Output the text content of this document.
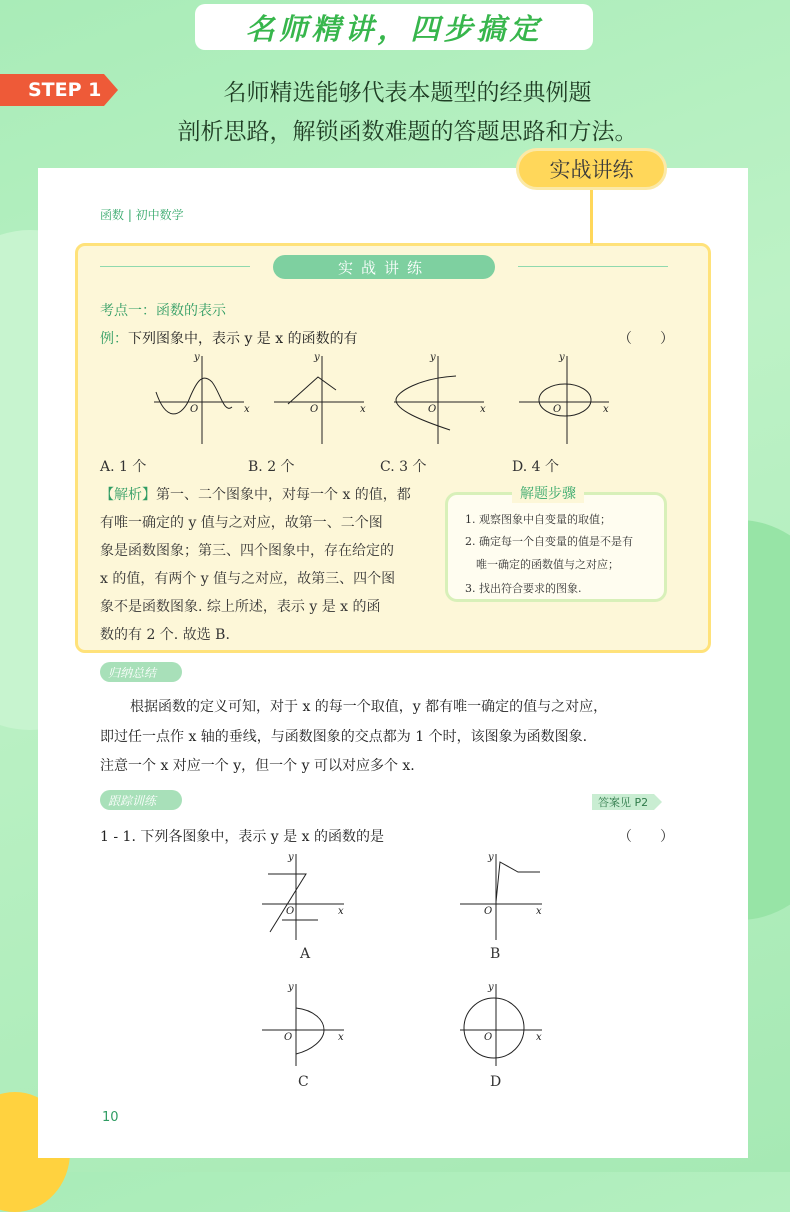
名师精讲，四步搞定
STEP 1	名师精选能够代表本题型的经典例题
剖析思路，解锁函数难题的答题思路和方法。
实战讲练
函数 | 初中数学
实战讲练
考点一：函数的表示
例：下列图象中，表示 y 是 x 的函数的有	（　　）
x
y
O	x
y
O	x
y
O	x
y
O
A. 1 个	B. 2 个	C. 3 个	D. 4 个
【解析】第一、二个图象中，对每一个 x 的值，都
有唯一确定的 y 值与之对应，故第一、二个图
象是函数图象；第三、四个图象中，存在给定的
x 的值，有两个 y 值与之对应，故第三、四个图
象不是函数图象. 综上所述，表示 y 是 x 的函
数的有 2 个. 故选 B.
解题步骤
1. 观察图象中自变量的取值；
2. 确定每一个自变量的值是不是有
唯一确定的函数值与之对应；
3. 找出符合要求的图象.
归纳总结
根据函数的定义可知，对于 x 的每一个取值，y 都有唯一确定的值与之对应，
即过任一点作 x 轴的垂线，与函数图象的交点都为 1 个时，该图象为函数图象.
注意一个 x 对应一个 y，但一个 y 可以对应多个 x.
跟踪训练	答案见 P2
1 - 1. 下列各图象中，表示 y 是 x 的函数的是	（　　）
x
y
O
A
x
y
O
B
x
y
O
C
x
y
O
D
10
